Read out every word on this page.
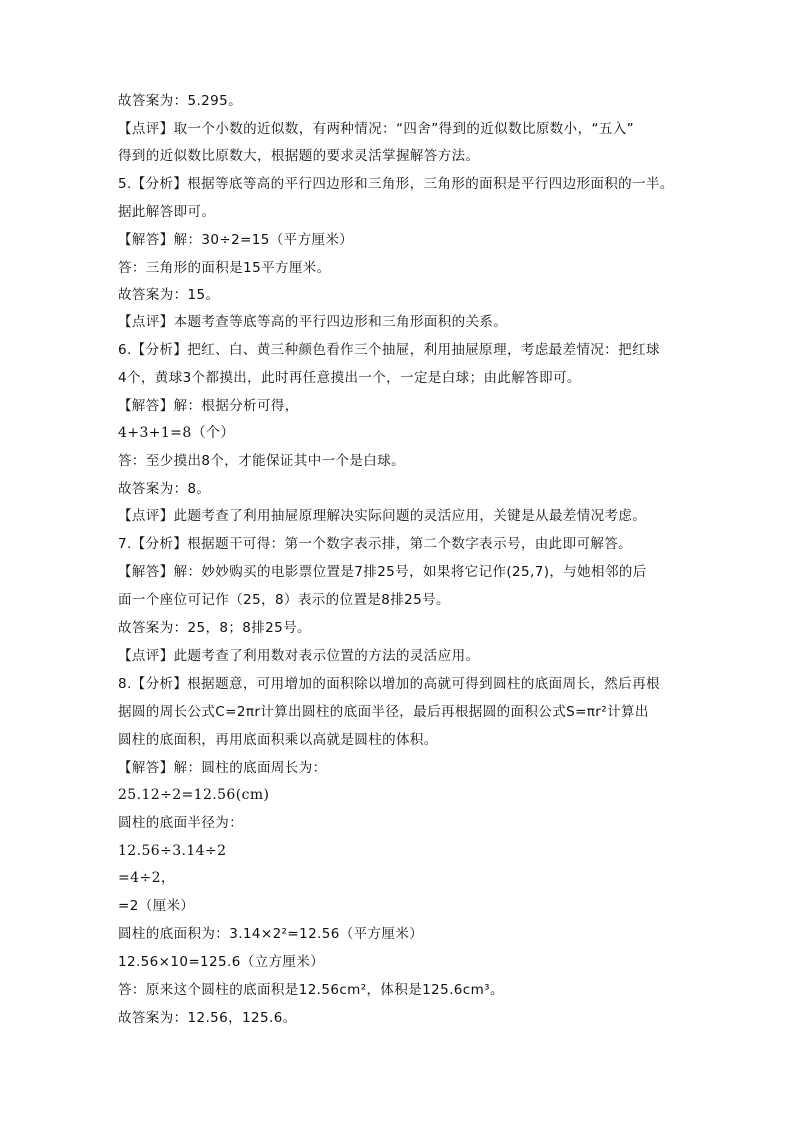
故答案为：5.295。
【点评】取一个小数的近似数，有两种情况：“四舍”得到的近似数比原数小，“五入”
得到的近似数比原数大，根据题的要求灵活掌握解答方法。
5.【分析】根据等底等高的平行四边形和三角形，三角形的面积是平行四边形面积的一半。
据此解答即可。
【解答】解：30÷2=15（平方厘米）
答：三角形的面积是15平方厘米。
故答案为：15。
【点评】本题考查等底等高的平行四边形和三角形面积的关系。
6.【分析】把红、白、黄三种颜色看作三个抽屉，利用抽屉原理，考虑最差情况：把红球
4个，黄球3个都摸出，此时再任意摸出一个，一定是白球；由此解答即可。
【解答】解：根据分析可得，
4+3+1=8（个）
答：至少摸出8个，才能保证其中一个是白球。
故答案为：8。
【点评】此题考查了利用抽屉原理解决实际问题的灵活应用，关键是从最差情况考虑。
7.【分析】根据题干可得：第一个数字表示排，第二个数字表示号，由此即可解答。
【解答】解：妙妙购买的电影票位置是7排25号，如果将它记作(25,7)，与她相邻的后
面一个座位可记作（25，8）表示的位置是8排25号。
故答案为：25，8；8排25号。
【点评】此题考查了利用数对表示位置的方法的灵活应用。
8.【分析】根据题意，可用增加的面积除以增加的高就可得到圆柱的底面周长，然后再根
据圆的周长公式C=2πr计算出圆柱的底面半径，最后再根据圆的面积公式S=πr²计算出
圆柱的底面积，再用底面积乘以高就是圆柱的体积。
【解答】解：圆柱的底面周长为：
25.12÷2=12.56(cm)
圆柱的底面半径为：
12.56÷3.14÷2
=4÷2，
=2（厘米）
圆柱的底面积为：3.14×2²=12.56（平方厘米）
12.56×10=125.6（立方厘米）
答：原来这个圆柱的底面积是12.56cm²，体积是125.6cm³。
故答案为：12.56，125.6。
